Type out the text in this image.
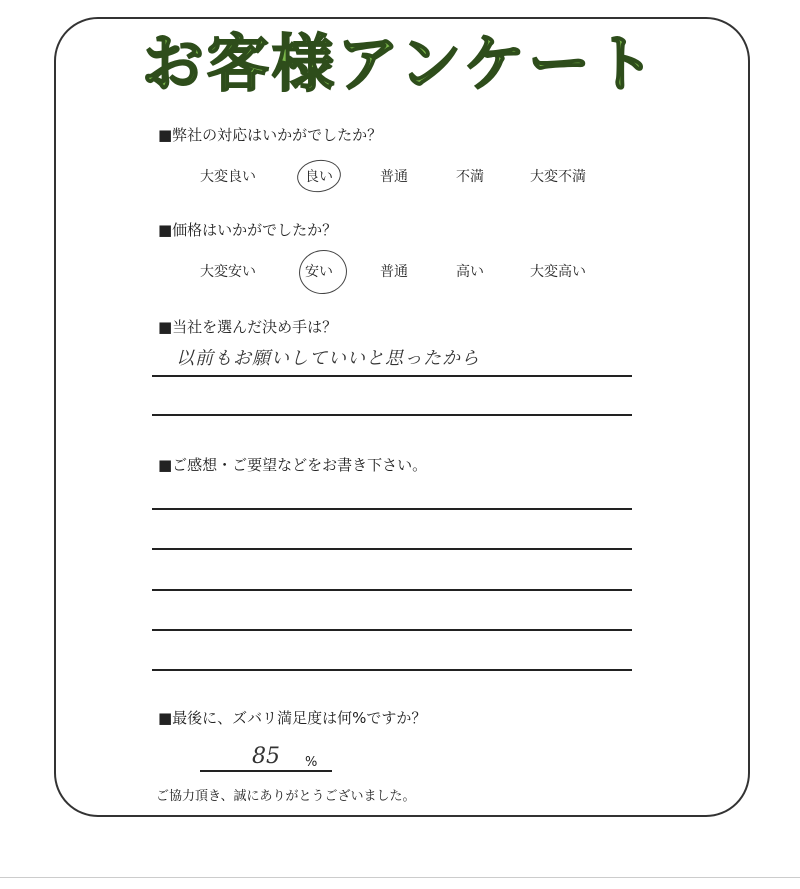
お客様アンケート
■弊社の対応はいかがでしたか？
大変良い	良い	普通	不満	大変不満
■価格はいかがでしたか？
大変安い	安い	普通	高い	大変高い
■当社を選んだ決め手は？
以前もお願いしていいと思ったから
■ご感想・ご要望などをお書き下さい。
■最後に、ズバリ満足度は何%ですか？
85 %
ご協力頂き、誠にありがとうございました。
